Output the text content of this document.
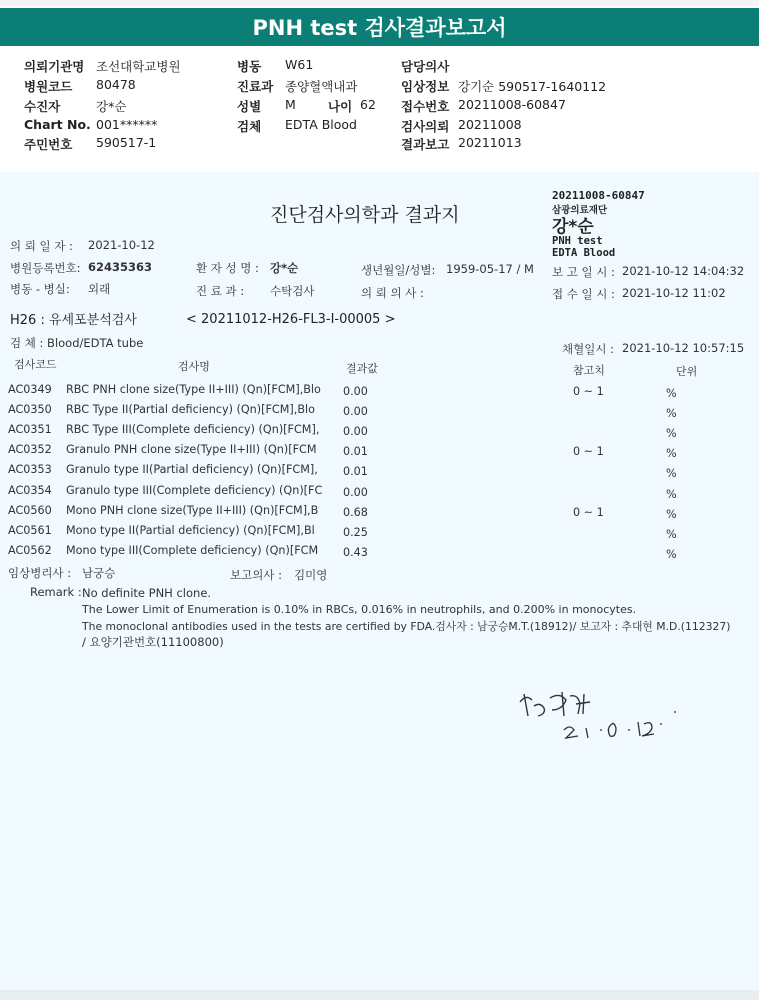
PNH test 검사결과보고서
의뢰기관명 조선대학교병원
병원코드 80478
수진자	강*순
Chart No. 001******
주민번호 590517-1
병동 W61
진료과 종양혈액내과
성별 M	나이 62
검체 EDTA Blood
담당의사
임상정보 강기순 590517-1640112
접수번호 20211008-60847
검사의뢰 20211008
결과보고 20211013
진단검사의학과 결과지
20211008-60847
삼광의료재단
강*순
PNH test
EDTA Blood
의 뢰 일 자 : 2021-10-12
병원등록번호: 62435363	환 자 성 명 : 강*순	생년월일/성별: 1959-05-17 / M 보 고 일 시 : 2021-10-12 14:04:32
병동 - 병실: 외래	진 료 과 : 수탁검사	의 뢰 의 사 :	접 수 일 시 : 2021-10-12 11:02
H26 : 유세포분석검사	< 20211012-H26-FL3-I-00005 >
검 체 : Blood/EDTA tube	채혈일시 : 2021-10-12 10:57:15
검사코드	검사명	결과값	참고치	단위
AC0349 RBC PNH clone size(Type II+III) (Qn)[FCM],Blo 0.00	0 ~ 1	%
AC0350 RBC Type II(Partial deficiency) (Qn)[FCM],Blo	0.00	%
AC0351 RBC Type III(Complete deficiency) (Qn)[FCM], 0.00	%
AC0352 Granulo PNH clone size(Type II+III) (Qn)[FCM 0.01	0 ~ 1	%
AC0353 Granulo type II(Partial deficiency) (Qn)[FCM], 0.01	%
AC0354 Granulo type III(Complete deficiency) (Qn)[FC 0.00	%
AC0560 Mono PNH clone size(Type II+III) (Qn)[FCM],B 0.68	0 ~ 1	%
AC0561 Mono type II(Partial deficiency) (Qn)[FCM],Bl	0.25	%
AC0562 Mono type III(Complete deficiency) (Qn)[FCM 0.43	%
임상병리사 : 남궁승	보고의사 : 김미영
Remark : No definite PNH clone.
The Lower Limit of Enumeration is 0.10% in RBCs, 0.016% in neutrophils, and 0.200% in monocytes.
The monoclonal antibodies used in the tests are certified by FDA.검사자 : 남궁승M.T.(18912)/ 보고자 : 추대현 M.D.(112327)
/ 요양기관번호(11100800)
